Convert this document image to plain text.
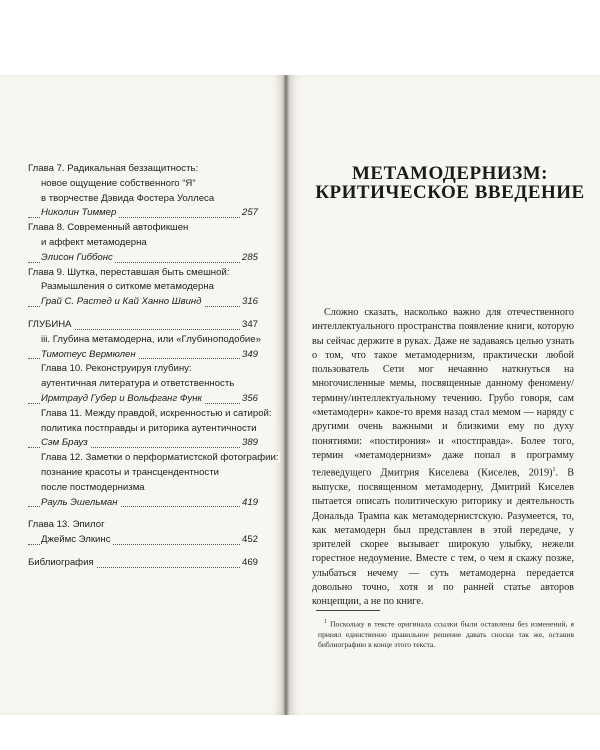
Глава 7. Радикальная беззащитность:
новое ощущение собственного “Я”
в творчестве Дэвида Фостера Уоллеса
Николин Тиммер	257
Глава 8. Современный автофикшен
и аффект метамодерна
Элисон Гиббонс	285
Глава 9. Шутка, переставшая быть смешной:
Размышления о ситкоме метамодерна
Грай С. Растед и Кай Ханно Швинд	316
ГЛУБИНА	347
iii. Глубина метамодерна, или «Глубиноподобие»
Тимотеус Вермюлен	349
Глава 10. Реконструируя глубину:
аутентичная литература и ответственность
Ирмтрауд Губер и Вольфганг Функ	356
Глава 11. Между правдой, искренностью и сатирой:
политика постправды и риторика аутентичности
Сэм Брауз	389
Глава 12. Заметки о перформатистской фотографии:
познание красоты и трансцендентности
после постмодернизма
Рауль Эшельман	419
Глава 13. Эпилог
Джеймс Элкинс	452
Библиография	469
МЕТАМОДЕРНИЗМ:
КРИТИЧЕСКОЕ ВВЕДЕНИЕ

Сложно сказать, насколько важно для отечественного интеллектуального пространства появление книги, которую вы сейчас держите в руках. Даже не задаваясь целью узнать о том, что такое метамодернизм, практически любой пользователь Сети мог нечаянно наткнуться на многочисленные мемы, посвященные данному феномену/термину/интеллектуальному течению. Грубо говоря, сам «метамодерн» какое-то время назад стал мемом — наряду с другими очень важными и близкими ему по духу понятиями: «постирония» и «постправда». Более того, термин «метамодернизм» даже попал в программу телеведущего Дмитрия Киселева (Киселев, 2019)$^1$. В выпуске, посвященном метамодерну, Дмитрий Киселев пытается описать политическую риторику и деятельность Дональда Трампа как метамодернистскую. Разумеется, то, как метамодерн был представлен в этой передаче, у зрителей скорее вызывает широкую улыбку, нежели горестное недоумение. Вместе с тем, о чем я скажу позже, улыбаться нечему — суть метамодерна передается довольно точно, хотя и по ранней статье авторов концепции, а не по книге.

$^1$ Поскольку в тексте оригинала ссылки были оставлены без изменений, я принял единственно правильное решение давать сноски так же, оставив библиографию в конце этого текста.
